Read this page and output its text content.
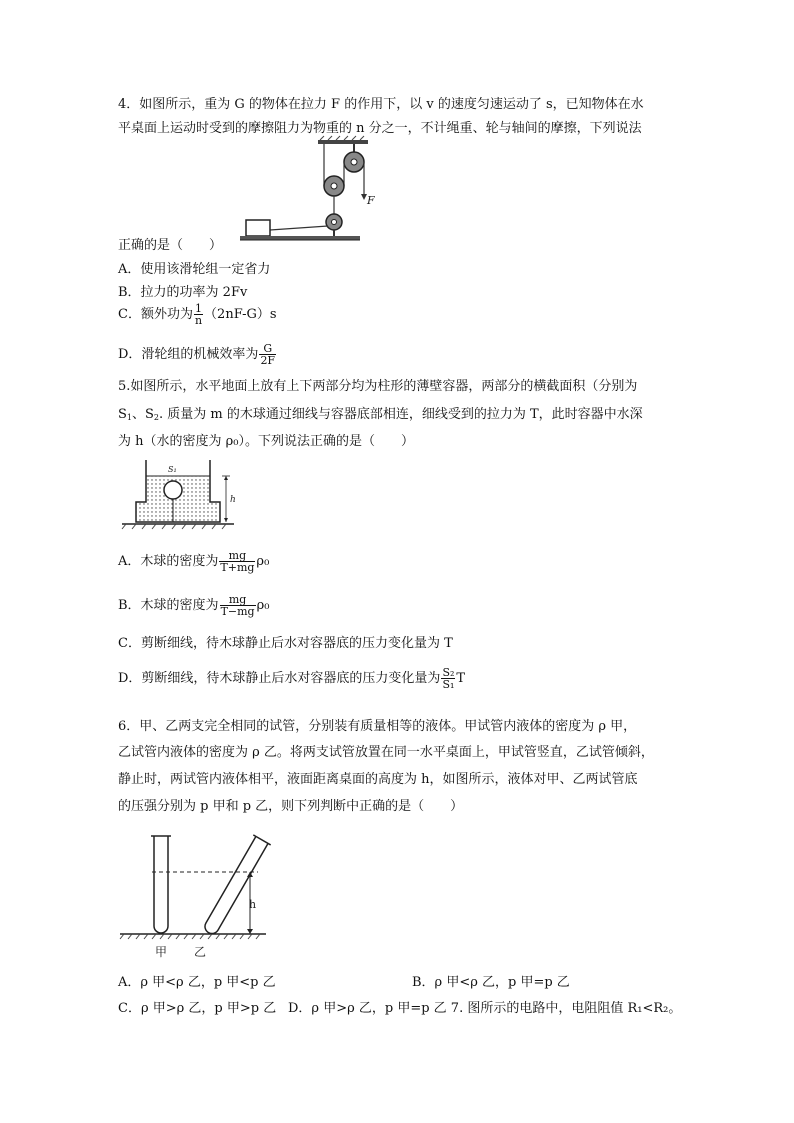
4．如图所示，重为 G 的物体在拉力 F 的作用下，以 v 的速度匀速运动了 s，已知物体在水
平桌面上运动时受到的摩擦阻力为物重的 n 分之一，不计绳重、轮与轴间的摩擦，下列说法
F
正确的是（　　）
A．使用该滑轮组一定省力
B．拉力的功率为 2Fv
C．额外功为 $\frac{1}{n} (2nF-G)s$
D．滑轮组的机械效率为 $\frac{G}{2F}$
5.如图所示，水平地面上放有上下两部分均为柱形的薄壁容器，两部分的横截面积（分别为
$S_1$、$S_2$. 质量为 m 的木球通过细线与容器底部相连，细线受到的拉力为 T，此时容器中水深
为 h（水的密度为 ρ₀）。下列说法正确的是（　　）
S₁
h
A．木球的密度为 $\frac{mg}{T+mg} \rho_0$
B．木球的密度为 $\frac{mg}{T-mg} \rho_0$
C．剪断细线，待木球静止后水对容器底的压力变化量为 T
D．剪断细线，待木球静止后水对容器底的压力变化量为 $\frac{\text{S₂}}{\text{S₁}}$ T
6．甲、乙两支完全相同的试管，分别装有质量相等的液体。甲试管内液体的密度为 ρ 甲，
乙试管内液体的密度为 ρ 乙。将两支试管放置在同一水平桌面上，甲试管竖直，乙试管倾斜，
静止时，两试管内液体相平，液面距离桌面的高度为 h，如图所示，液体对甲、乙两试管底
的压强分别为 p 甲和 p 乙，则下列判断中正确的是（　　）
h
甲 乙
A．ρ 甲<ρ 乙，p 甲<p 乙	B．ρ 甲<ρ 乙，p 甲=p 乙
C．ρ 甲>ρ 乙，p 甲>p 乙 D．ρ 甲>ρ 乙，p 甲=p 乙 7. 图所示的电路中，电阻阻值 R₁<R₂。
